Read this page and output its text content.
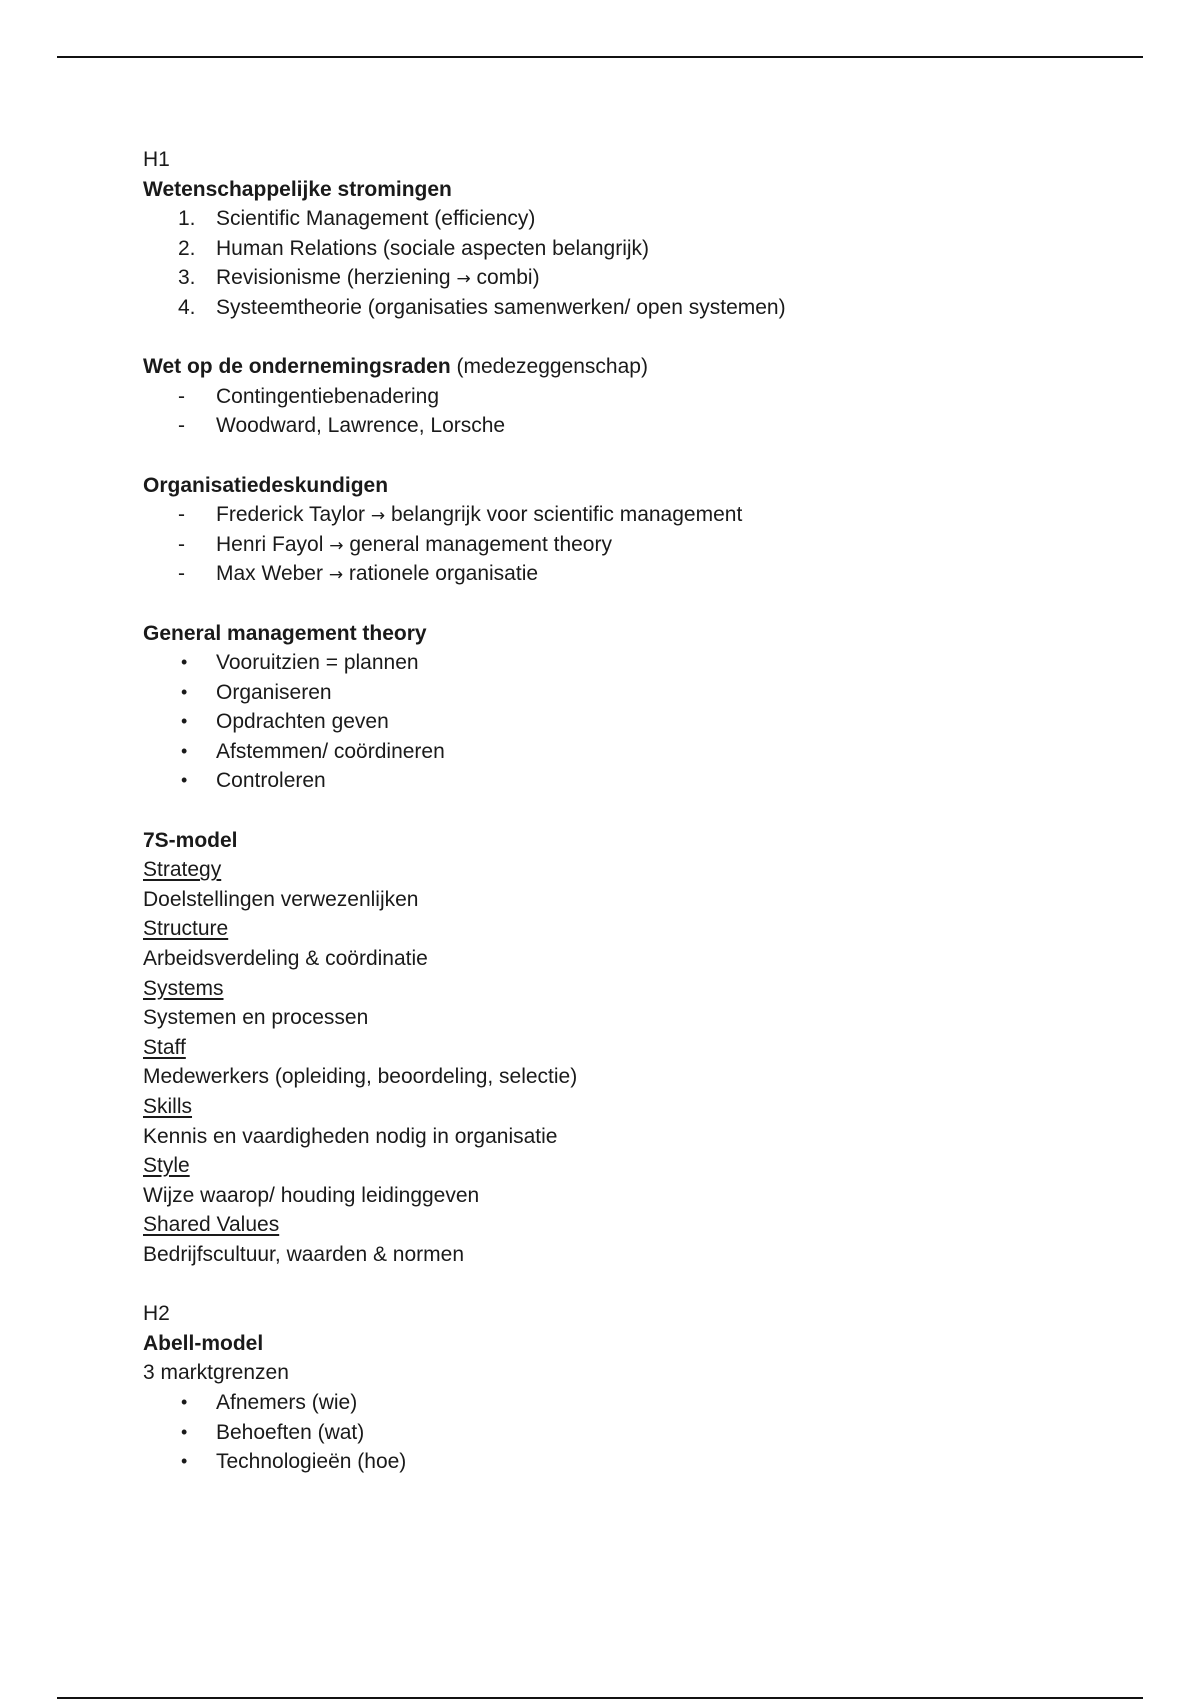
H1
Wetenschappelijke stromingen
1. Scientific Management (efficiency)
2. Human Relations (sociale aspecten belangrijk)
3. Revisionisme (herziening → combi)
4. Systeemtheorie (organisaties samenwerken/ open systemen)
Wet op de ondernemingsraden (medezeggenschap)
-	Contingentiebenadering
-	Woodward, Lawrence, Lorsche
Organisatiedeskundigen
-	Frederick Taylor → belangrijk voor scientific management
-	Henri Fayol → general management theory
-	Max Weber → rationele organisatie
General management theory
•	Vooruitzien = plannen
•	Organiseren
•	Opdrachten geven
•	Afstemmen/ coördineren
•	Controleren
7S-model
Strategy
Doelstellingen verwezenlijken
Structure
Arbeidsverdeling & coördinatie
Systems
Systemen en processen
Staff
Medewerkers (opleiding, beoordeling, selectie)
Skills
Kennis en vaardigheden nodig in organisatie
Style
Wijze waarop/ houding leidinggeven
Shared Values
Bedrijfscultuur, waarden & normen
H2
Abell-model
3 marktgrenzen
•	Afnemers (wie)
•	Behoeften (wat)
•	Technologieën (hoe)
